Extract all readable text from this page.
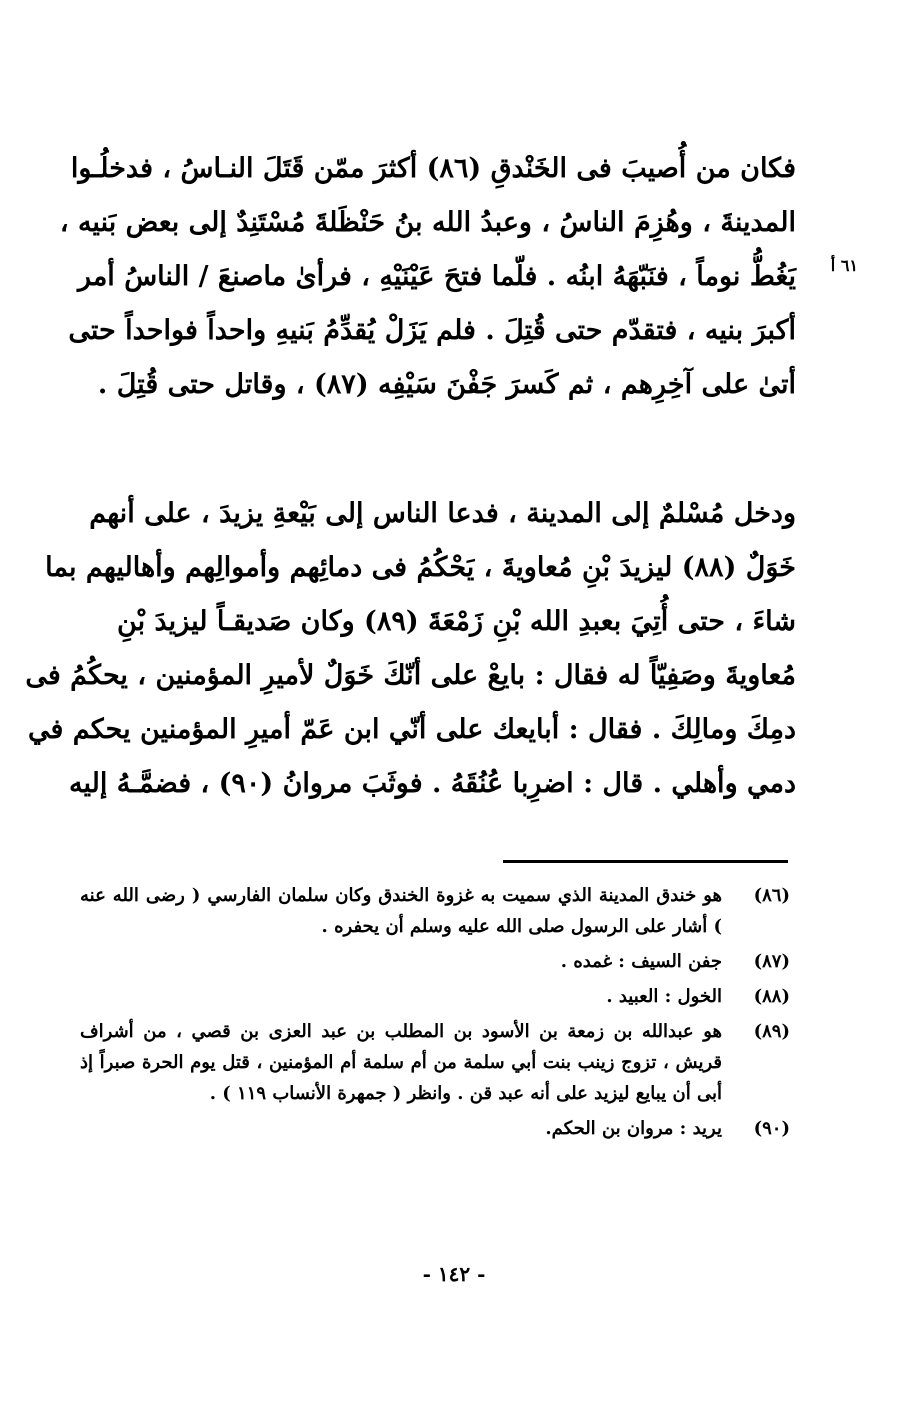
٦١ أ
فكان من أُصيبَ فى الخَنْدقِ (٨٦) أكثرَ ممّن قَتَلَ النـاسُ ، فدخلُـوا
المدينةَ ، وهُزِمَ الناسُ ، وعبدُ الله بنُ حَنْظَلةَ مُسْتَنِدٌ إلى بعض بَنيه ،
يَغُطُّ نوماً ، فنَبّهَهُ ابنُه . فلّما فتحَ عَيْنَيْهِ ، فرأىٰ ماصنعَ / الناسُ أمر
أكبرَ بنيه ، فتقدّم حتى قُتِلَ . فلم يَزَلْ يُقدِّمُ بَنيهِ واحداً فواحداً حتى
أتىٰ على آخِرِهم ، ثم كَسرَ جَفْنَ سَيْفِه (٨٧) ، وقاتل حتى قُتِلَ .
ودخل مُسْلمٌ إلى المدينة ، فدعا الناس إلى بَيْعةِ يزيدَ ، على أنهم
خَوَلٌ (٨٨) ليزيدَ بْنِ مُعاويةَ ، يَحْكُمُ فى دمائِهم وأموالِهم وأهاليهم بما
شاءَ ، حتى أُتِيَ بعبدِ الله بْنِ زَمْعَةَ (٨٩) وكان صَديقـاً ليزيدَ بْنِ
مُعاويةَ وصَفِيّاً له فقال : بايعْ على أنّكَ خَوَلٌ لأميرِ المؤمنين ، يحكُمُ فى
دمِكَ ومالِكَ . فقال : أبايعك على أنّي ابن عَمّ أميرِ المؤمنين يحكم في
دمي وأهلي . قال : اضرِبا عُنُقَهُ . فوثَبَ مروانُ (٩٠) ، فضمَّـهُ إليه
(٨٦)
هو خندق المدينة الذي سميت به غزوة الخندق وكان سلمان الفارسي ( رضى الله عنه ) أشار على الرسول صلى الله عليه وسلم أن يحفره .
(٨٧)
جفن السيف : غمده .
(٨٨)
الخول : العبيد .
(٨٩)
هو عبدالله بن زمعة بن الأسود بن المطلب بن عبد العزى بن قصي ، من أشراف قريش ، تزوج زينب بنت أبي سلمة من أم سلمة أم المؤمنين ، قتل يوم الحرة صبراً إذ أبى أن يبايع ليزيد على أنه عبد قن . وانظر ( جمهرة الأنساب ١١٩ ) .
(٩٠)
يريد : مروان بن الحكم.
- ١٤٢ -
